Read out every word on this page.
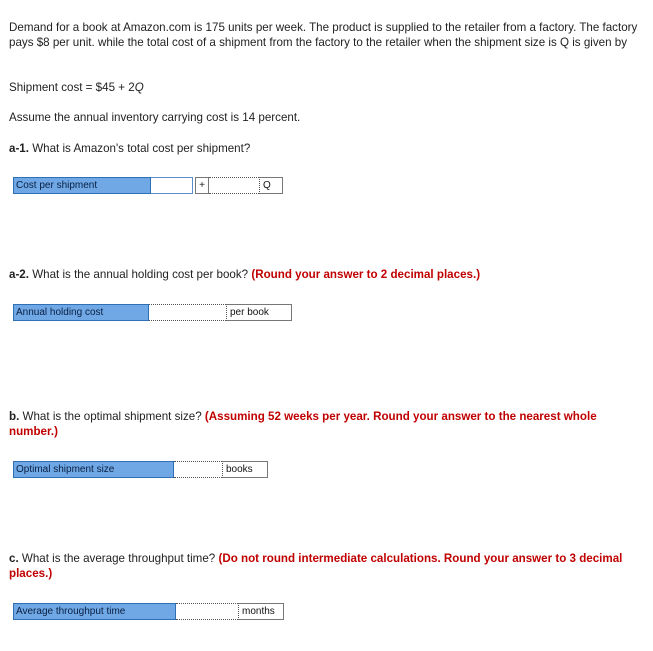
Demand for a book at Amazon.com is 175 units per week. The product is supplied to the retailer from a factory. The factory pays $8 per unit. while the total cost of a shipment from the factory to the retailer when the shipment size is Q is given by
Shipment cost = $45 + 2Q
Assume the annual inventory carrying cost is 14 percent.
a-1. What is Amazon's total cost per shipment?
Cost per shipment	+	Q
a-2. What is the annual holding cost per book? (Round your answer to 2 decimal places.)
Annual holding cost	per book
b. What is the optimal shipment size? (Assuming 52 weeks per year. Round your answer to the nearest whole number.)
Optimal shipment size	books
c. What is the average throughput time? (Do not round intermediate calculations. Round your answer to 3 decimal places.)
Average throughput time	months
